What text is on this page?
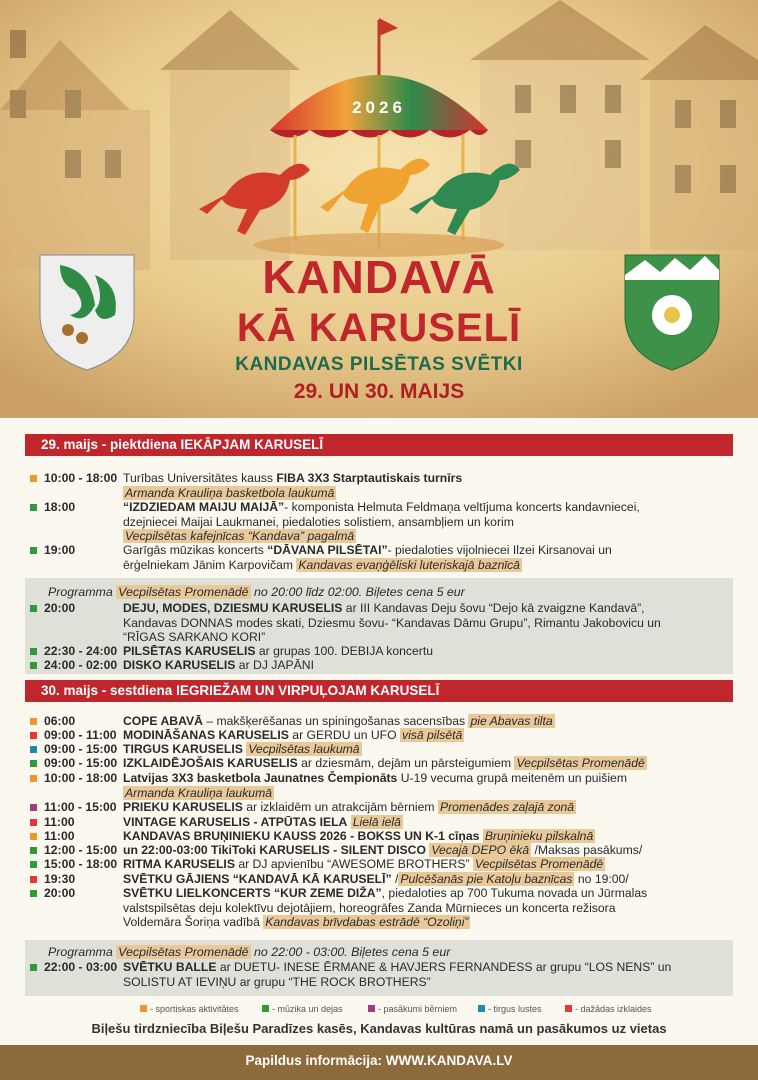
2026
KANDAVĀ
KĀ KARUSELĪ
KANDAVAS PILSĒTAS SVĒTKI
29. UN 30. MAIJS
29. maijs - piektdiena IEKĀPJAM KARUSELĪ
10:00 - 18:00 Turības Universitātes kauss FIBA 3X3 Starptautiskais turnīrs
Armanda Krauliņa basketbola laukumā
18:00	“IZDZIEDAM MAIJU MAIJĀ”- komponista Helmuta Feldmaņa veltījuma koncerts kandavniecei,
dzejniecei Maijai Laukmanei, piedaloties solistiem, ansambļiem un korim
Vecpilsētas kafejnīcas “Kandava” pagalmā
19:00	Garīgās mūzikas koncerts “DĀVANA PILSĒTAI”- piedaloties vijolniecei Ilzei Kirsanovai un
ērģelniekam Jānim Karpovičam Kandavas evaņģēliski luteriskajā baznīcā
Programma Vecpilsētas Promenādē no 20:00 līdz 02:00. Biļetes cena 5 eur
20:00	DEJU, MODES, DZIESMU KARUSELIS ar III Kandavas Deju šovu “Dejo kā zvaigzne Kandavā”,
Kandavas DONNAS modes skati, Dziesmu šovu- “Kandavas Dāmu Grupu”, Rimantu Jakobovicu un
“RĪGAS SARKANO KORI”
22:30 - 24:00 PILSĒTAS KARUSELIS ar grupas 100. DEBIJA koncertu
24:00 - 02:00 DISKO KARUSELIS ar DJ JAPĀNI
30. maijs - sestdiena IEGRIEŽAM UN VIRPUĻOJAM KARUSELĪ
06:00	COPE ABAVĀ – makšķerēšanas un spiningošanas sacensības pie Abavas tilta
09:00 - 11:00 MODINĀŠANAS KARUSELIS ar GERDU un UFO visā pilsētā
09:00 - 15:00 TIRGUS KARUSELIS Vecpilsētas laukumā
09:00 - 15:00 IZKLAIDĒJOŠAIS KARUSELIS ar dziesmām, dejām un pārsteigumiem Vecpilsētas Promenādē
10:00 - 18:00 Latvijas 3X3 basketbola Jaunatnes Čempionāts U-19 vecuma grupā meitenēm un puišiem
Armanda Krauliņa laukumā
11:00 - 15:00 PRIEKU KARUSELIS ar izklaidēm un atrakcijām bērniem Promenādes zaļajā zonā
11:00	VINTAGE KARUSELIS - ATPŪTAS IELA Lielā ielā
11:00	KANDAVAS BRUŅINIEKU KAUSS 2026 - BOKSS UN K-1 cīņas Bruņinieku pilskalnā
12:00 - 15:00 un 22:00-03:00 TikiToki KARUSELIS - SILENT DISCO Vecajā DEPO ēkā /Maksas pasākums/
15:00 - 18:00 RITMA KARUSELIS ar DJ apvienību “AWESOME BROTHERS” Vecpilsētas Promenādē
19:30	SVĒTKU GĀJIENS “KANDAVĀ KĀ KARUSELĪ” / Pulcēšanās pie Katoļu baznīcas no 19:00/
20:00	SVĒTKU LIELKONCERTS “KUR ZEME DIŽA”, piedaloties ap 700 Tukuma novada un Jūrmalas
valstspilsētas deju kolektīvu dejotājiem, horeogrāfes Zanda Mūrnieces un koncerta režisora
Voldemāra Šoriņa vadībā Kandavas brīvdabas estrādē “Ozoliņi”
Programma Vecpilsētas Promenādē no 22:00 - 03:00. Biļetes cena 5 eur
22:00 - 03:00 SVĒTKU BALLE ar DUETU- INESE ĒRMANE & HAVJERS FERNANDESS ar grupu “LOS NENS” un
SOLISTU AT IEVIŅU ar grupu “THE ROCK BROTHERS”
- sportiskas aktivitātes	- mūzika un dejas	- pasākumi bērniem	- tirgus lustes	- dažādas izklaides
Biļešu tirdzniecība Biļešu Paradīzes kasēs, Kandavas kultūras namā un pasākumos uz vietas
Papildus informācija: WWW.KANDAVA.LV
